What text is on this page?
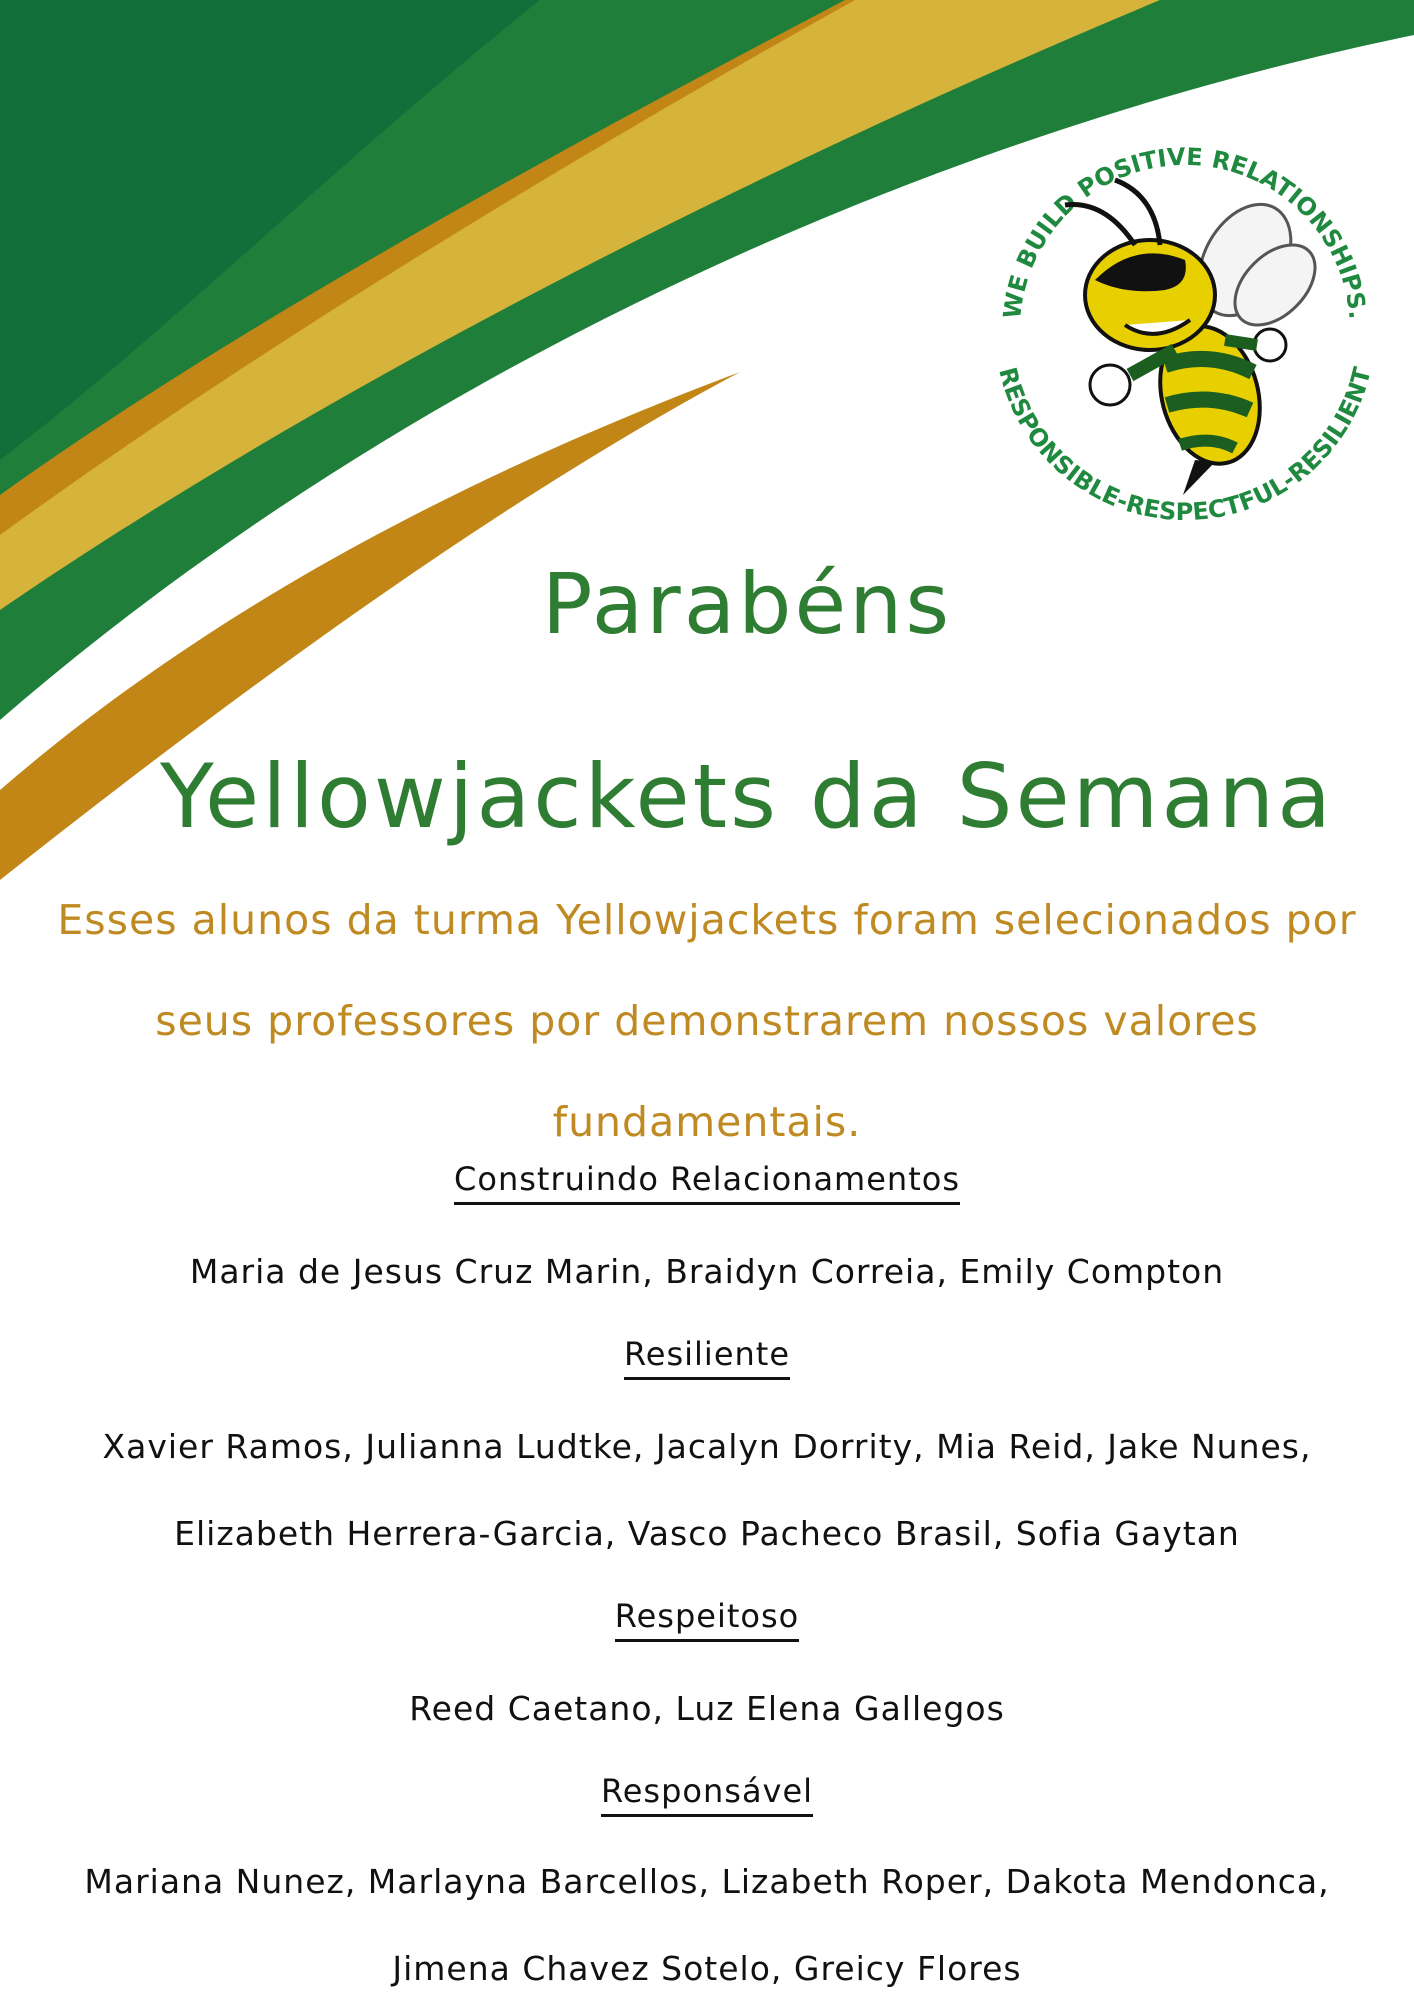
WE BUILD POSITIVE RELATIONSHIPS.
RESPONSIBLE-RESPECTFUL-RESILIENT
Parabéns
Yellowjackets da Semana

Esses alunos da turma Yellowjackets foram selecionados por seus professores por demonstrarem nossos valores fundamentais.

Construindo Relacionamentos
Maria de Jesus Cruz Marin, Braidyn Correia, Emily Compton
Resiliente
Xavier Ramos, Julianna Ludtke, Jacalyn Dorrity, Mia Reid, Jake Nunes,
Elizabeth Herrera-Garcia, Vasco Pacheco Brasil, Sofia Gaytan
Respeitoso
Reed Caetano, Luz Elena Gallegos
Responsável
Mariana Nunez, Marlayna Barcellos, Lizabeth Roper, Dakota Mendonca,
Jimena Chavez Sotelo, Greicy Flores
